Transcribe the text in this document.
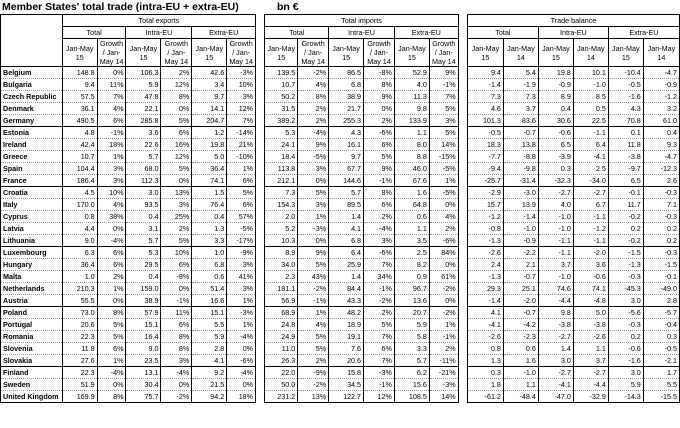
Member States' total trade (intra-EU + extra-EU)	bn €
	Total exports							Total imports							Trade balance					
	Total		Intra-EU		Extra-EU			Total		Intra-EU		Extra-EU			Total		Intra-EU		Extra-EU	
	Jan-May 15	Growth / Jan-May 14	Jan-May 15	Growth / Jan-May 14	Jan-May 15	Growth / Jan-May 14		Jan-May 15	Growth / Jan-May 14	Jan-May 15	Growth / Jan-May 14	Jan-May 15	Growth / Jan-May 14		Jan-May 15	Jan-May 14	Jan-May 15	Jan-May 14	Jan-May 15	Jan-May 14
Belgium	148.8	0%	106.3	2%	42.6	-3%		139.5	-2%	86.5	-8%	52.9	9%		9.4	5.4	19.8	10.1	-10.4	-4.7
Bulgaria	9.4	11%	5.9	12%	3.4	10%		10.7	4%	6.8	8%	4.0	-1%		-1.4	-1.9	-0.9	-1.0	-0.5	-0.9
Czech Republic	57.5	7%	47.8	8%	9.7	3%		50.2	8%	38.9	9%	11.3	7%		7.3	7.3	8.9	8.5	-1.6	-1.2
Denmark	36.1	4%	22.1	0%	14.1	12%		31.5	2%	21.7	0%	9.8	5%		4.6	3.7	0.4	0.5	4.3	3.2
Germany	490.5	6%	285.8	5%	204.7	7%		389.2	2%	255.3	2%	133.9	3%		101.3	83.6	30.6	22.5	70.8	61.0
Estonia	4.8	-1%	3.6	6%	1.2	-14%		5.3	-4%	4.3	-6%	1.1	5%		-0.5	-0.7	-0.6	-1.1	0.1	0.4
Ireland	42.4	18%	22.6	16%	19.8	21%		24.1	9%	16.1	6%	8.0	14%		18.3	13.8	6.5	6.4	11.8	9.3
Greece	10.7	1%	5.7	12%	5.0	-10%		18.4	-5%	9.7	5%	8.8	-15%		-7.7	-8.8	-3.9	-4.1	-3.8	-4.7
Spain	104.4	3%	68.0	5%	36.4	1%		113.8	3%	67.7	9%	46.0	-5%		-9.4	-9.8	0.3	2.5	-9.7	-12.3
France	186.4	3%	112.3	0%	74.1	6%		212.1	0%	144.6	-1%	67.6	1%		-25.7	-31.4	-32.3	-34.0	6.5	2.6
Croatia	4.5	10%	3.0	13%	1.5	5%		7.3	5%	5.7	8%	1.6	-5%		-2.9	-3.0	-2.7	-2.7	-0.1	-0.3
Italy	170.0	4%	93.5	3%	76.4	6%		154.3	3%	89.5	6%	64.8	0%		15.7	13.9	4.0	6.7	11.7	7.1
Cyprus	0.8	38%	0.4	25%	0.4	57%		2.0	1%	1.4	2%	0.6	4%		-1.2	-1.4	-1.0	-1.1	-0.2	-0.3
Latvia	4.4	0%	3.1	2%	1.3	-5%		5.2	-3%	4.1	-4%	1.1	2%		-0.8	-1.0	-1.0	-1.2	0.2	0.2
Lithuania	9.0	-4%	5.7	5%	3.3	-17%		10.3	0%	6.8	3%	3.5	-6%		-1.3	-0.9	-1.1	-1.1	-0.2	0.2
Luxembourg	6.3	6%	5.3	10%	1.0	-9%		8.9	9%	6.4	-6%	2.5	84%		-2.6	-2.2	-1.1	-2.0	-1.5	-0.3
Hungary	36.4	6%	29.5	6%	6.8	3%		34.0	5%	25.9	7%	8.2	0%		2.4	2.1	3.7	3.6	-1.3	-1.5
Malta	1.0	2%	0.4	-8%	0.6	41%		2.3	43%	1.4	34%	0.9	61%		-1.3	-0.7	-1.0	-0.6	-0.3	-0.1
Netherlands	210.3	1%	159.0	0%	51.4	3%		181.1	-2%	84.4	-1%	96.7	-2%		29.3	25.1	74.6	74.1	-45.3	-49.0
Austria	55.5	0%	38.9	-1%	16.6	1%		56.9	-1%	43.3	-2%	13.6	0%		-1.4	-2.0	-4.4	-4.8	3.0	2.8
Poland	73.0	8%	57.9	11%	15.1	-3%		68.9	1%	48.2	2%	20.7	-2%		4.1	-0.7	9.8	5.0	-5.6	-5.7
Portugal	20.6	5%	15.1	6%	5.5	1%		24.8	4%	18.9	5%	5.9	1%		-4.1	-4.2	-3.8	-3.8	-0.3	-0.4
Romania	22.3	5%	16.4	8%	5.9	-4%		24.9	5%	19.1	7%	5.8	-1%		-2.6	-2.3	-2.7	-2.6	0.2	0.3
Slovenia	11.8	6%	9.0	8%	2.8	0%		11.0	5%	7.6	6%	3.3	2%		0.8	0.6	1.4	1.1	-0.6	-0.5
Slovakia	27.6	1%	23.5	3%	4.1	-6%		26.3	2%	20.6	7%	5.7	-11%		1.3	1.6	3.0	3.7	-1.6	-2.1
Finland	22.3	-4%	13.1	-4%	9.2	-4%		22.0	-9%	15.8	-3%	6.2	-21%		0.3	-1.0	-2.7	-2.7	3.0	1.7
Sweden	51.9	0%	30.4	0%	21.5	0%		50.0	-2%	34.5	-1%	15.6	-3%		1.8	1.1	-4.1	-4.4	5.9	5.5
United Kingdom	169.9	8%	75.7	-2%	94.2	18%		231.2	13%	122.7	12%	108.5	14%		-61.2	-48.4	-47.0	-32.9	-14.3	-15.5
